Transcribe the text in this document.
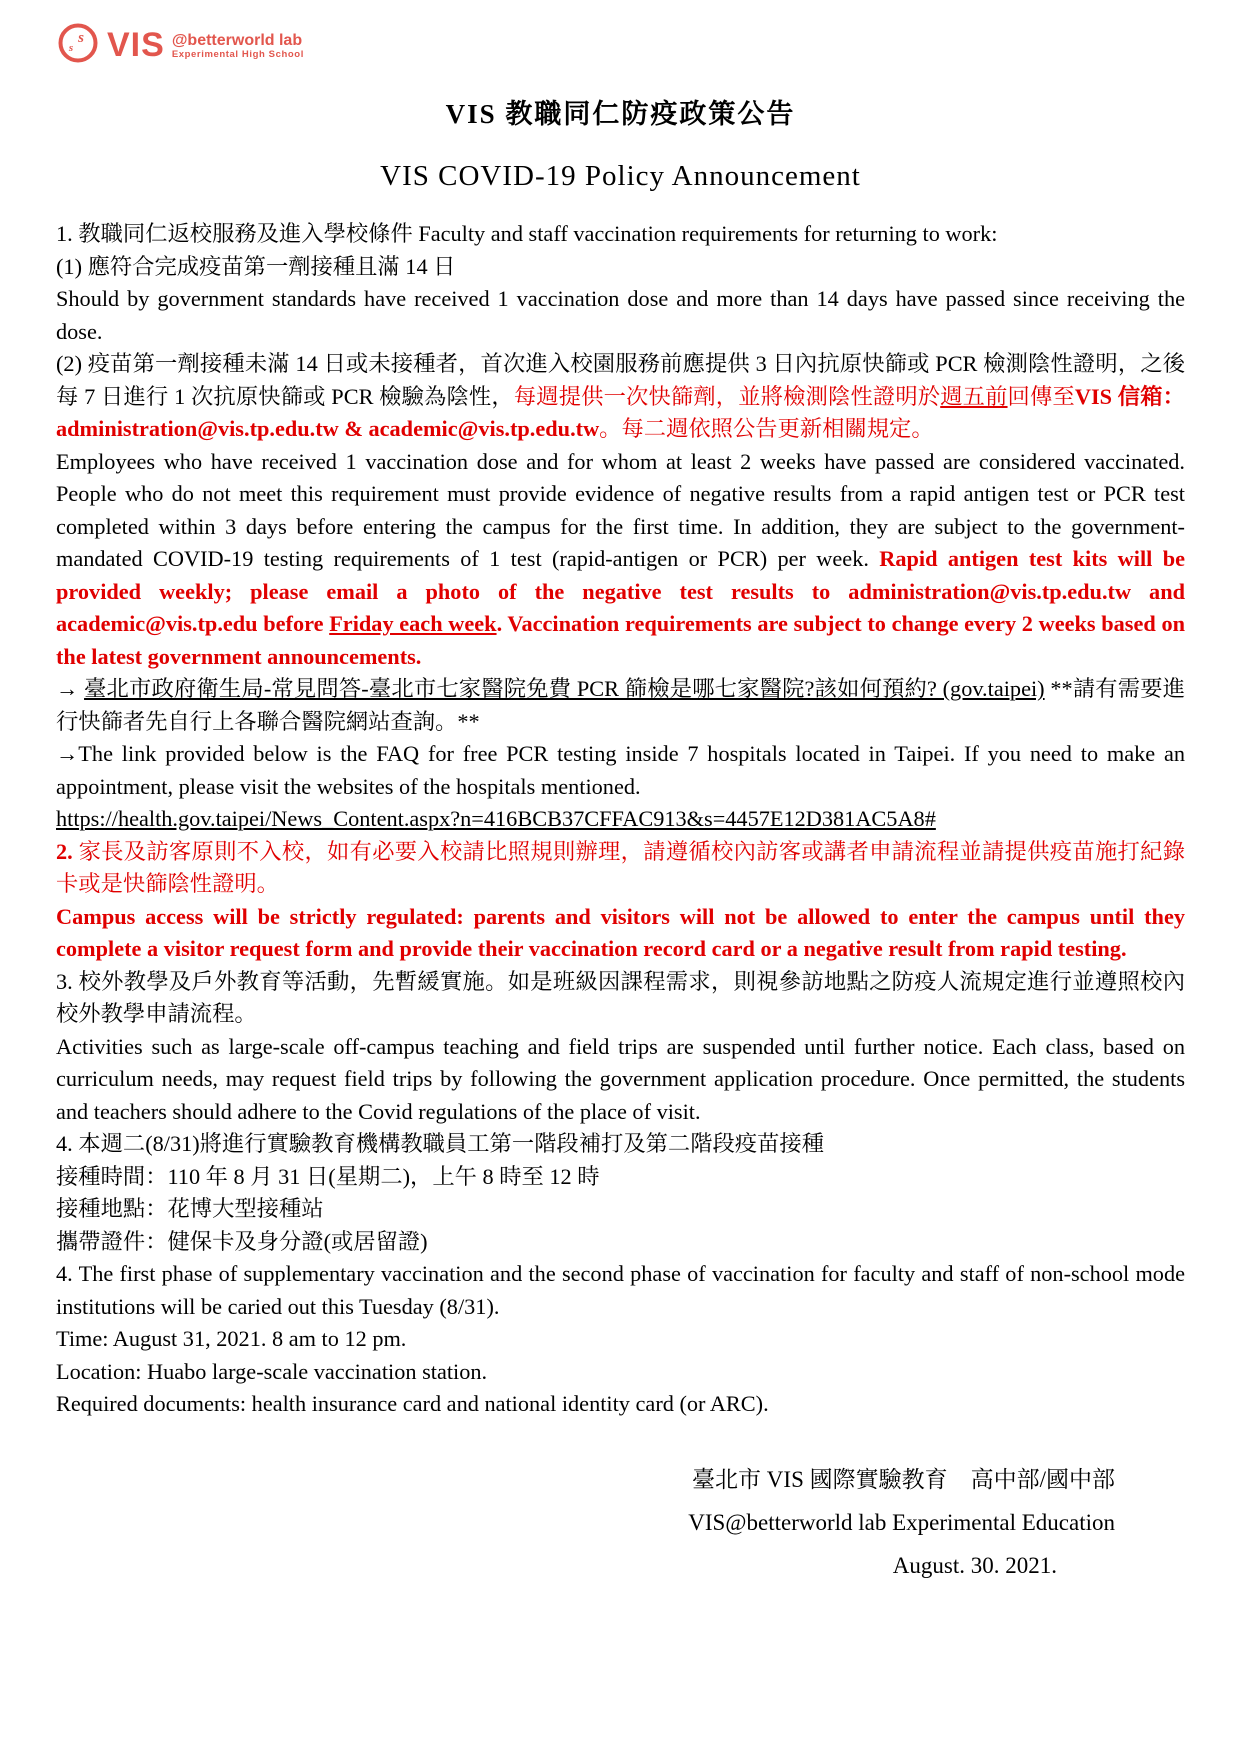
s
s VIS @betterworld lab
Experimental High School
VIS 教職同仁防疫政策公告
VIS COVID-19 Policy Announcement

1. 教職同仁返校服務及進入學校條件 Faculty and staff vaccination requirements for returning to work:

(1) 應符合完成疫苗第一劑接種且滿 14 日

Should by government standards have received 1 vaccination dose and more than 14 days have passed since receiving the dose.

(2) 疫苗第一劑接種未滿 14 日或未接種者，首次進入校園服務前應提供 3 日內抗原快篩或 PCR 檢測陰性證明，之後每 7 日進行 1 次抗原快篩或 PCR 檢驗為陰性，每週提供一次快篩劑，並將檢測陰性證明於週五前回傳至VIS 信箱：administration@vis.tp.edu.tw & academic@vis.tp.edu.tw。每二週依照公告更新相關規定。

Employees who have received 1 vaccination dose and for whom at least 2 weeks have passed are considered vaccinated. People who do not meet this requirement must provide evidence of negative results from a rapid antigen test or PCR test completed within 3 days before entering the campus for the first time. In addition, they are subject to the government-mandated COVID-19 testing requirements of 1 test (rapid-antigen or PCR) per week. Rapid antigen test kits will be provided weekly; please email a photo of the negative test results to administration@vis.tp.edu.tw and academic@vis.tp.edu before Friday each week. Vaccination requirements are subject to change every 2 weeks based on the latest government announcements.

→ 臺北市政府衛生局-常見問答-臺北市七家醫院免費 PCR 篩檢是哪七家醫院?該如何預約? (gov.taipei) **請有需要進行快篩者先自行上各聯合醫院網站查詢。**

→The link provided below is the FAQ for free PCR testing inside 7 hospitals located in Taipei. If you need to make an appointment, please visit the websites of the hospitals mentioned.

https://health.gov.taipei/News_Content.aspx?n=416BCB37CFFAC913&s=4457E12D381AC5A8#

2. 家長及訪客原則不入校，如有必要入校請比照規則辦理，請遵循校內訪客或講者申請流程並請提供疫苗施打紀錄卡或是快篩陰性證明。

Campus access will be strictly regulated: parents and visitors will not be allowed to enter the campus until they complete a visitor request form and provide their vaccination record card or a negative result from rapid testing.

3. 校外教學及戶外教育等活動，先暫緩實施。如是班級因課程需求，則視參訪地點之防疫人流規定進行並遵照校內校外教學申請流程。

Activities such as large-scale off-campus teaching and field trips are suspended until further notice. Each class, based on curriculum needs, may request field trips by following the government application procedure. Once permitted, the students and teachers should adhere to the Covid regulations of the place of visit.

4. 本週二(8/31)將進行實驗教育機構教職員工第一階段補打及第二階段疫苗接種

接種時間：110 年 8 月 31 日(星期二)，上午 8 時至 12 時

接種地點：花博大型接種站

攜帶證件：健保卡及身分證(或居留證)

4. The first phase of supplementary vaccination and the second phase of vaccination for faculty and staff of non-school mode institutions will be caried out this Tuesday (8/31).

Time: August 31, 2021. 8 am to 12 pm.

Location: Huabo large-scale vaccination station.

Required documents: health insurance card and national identity card (or ARC).

臺北市 VIS 國際實驗教育　高中部/國中部
VIS@betterworld lab Experimental Education
August. 30. 2021.
